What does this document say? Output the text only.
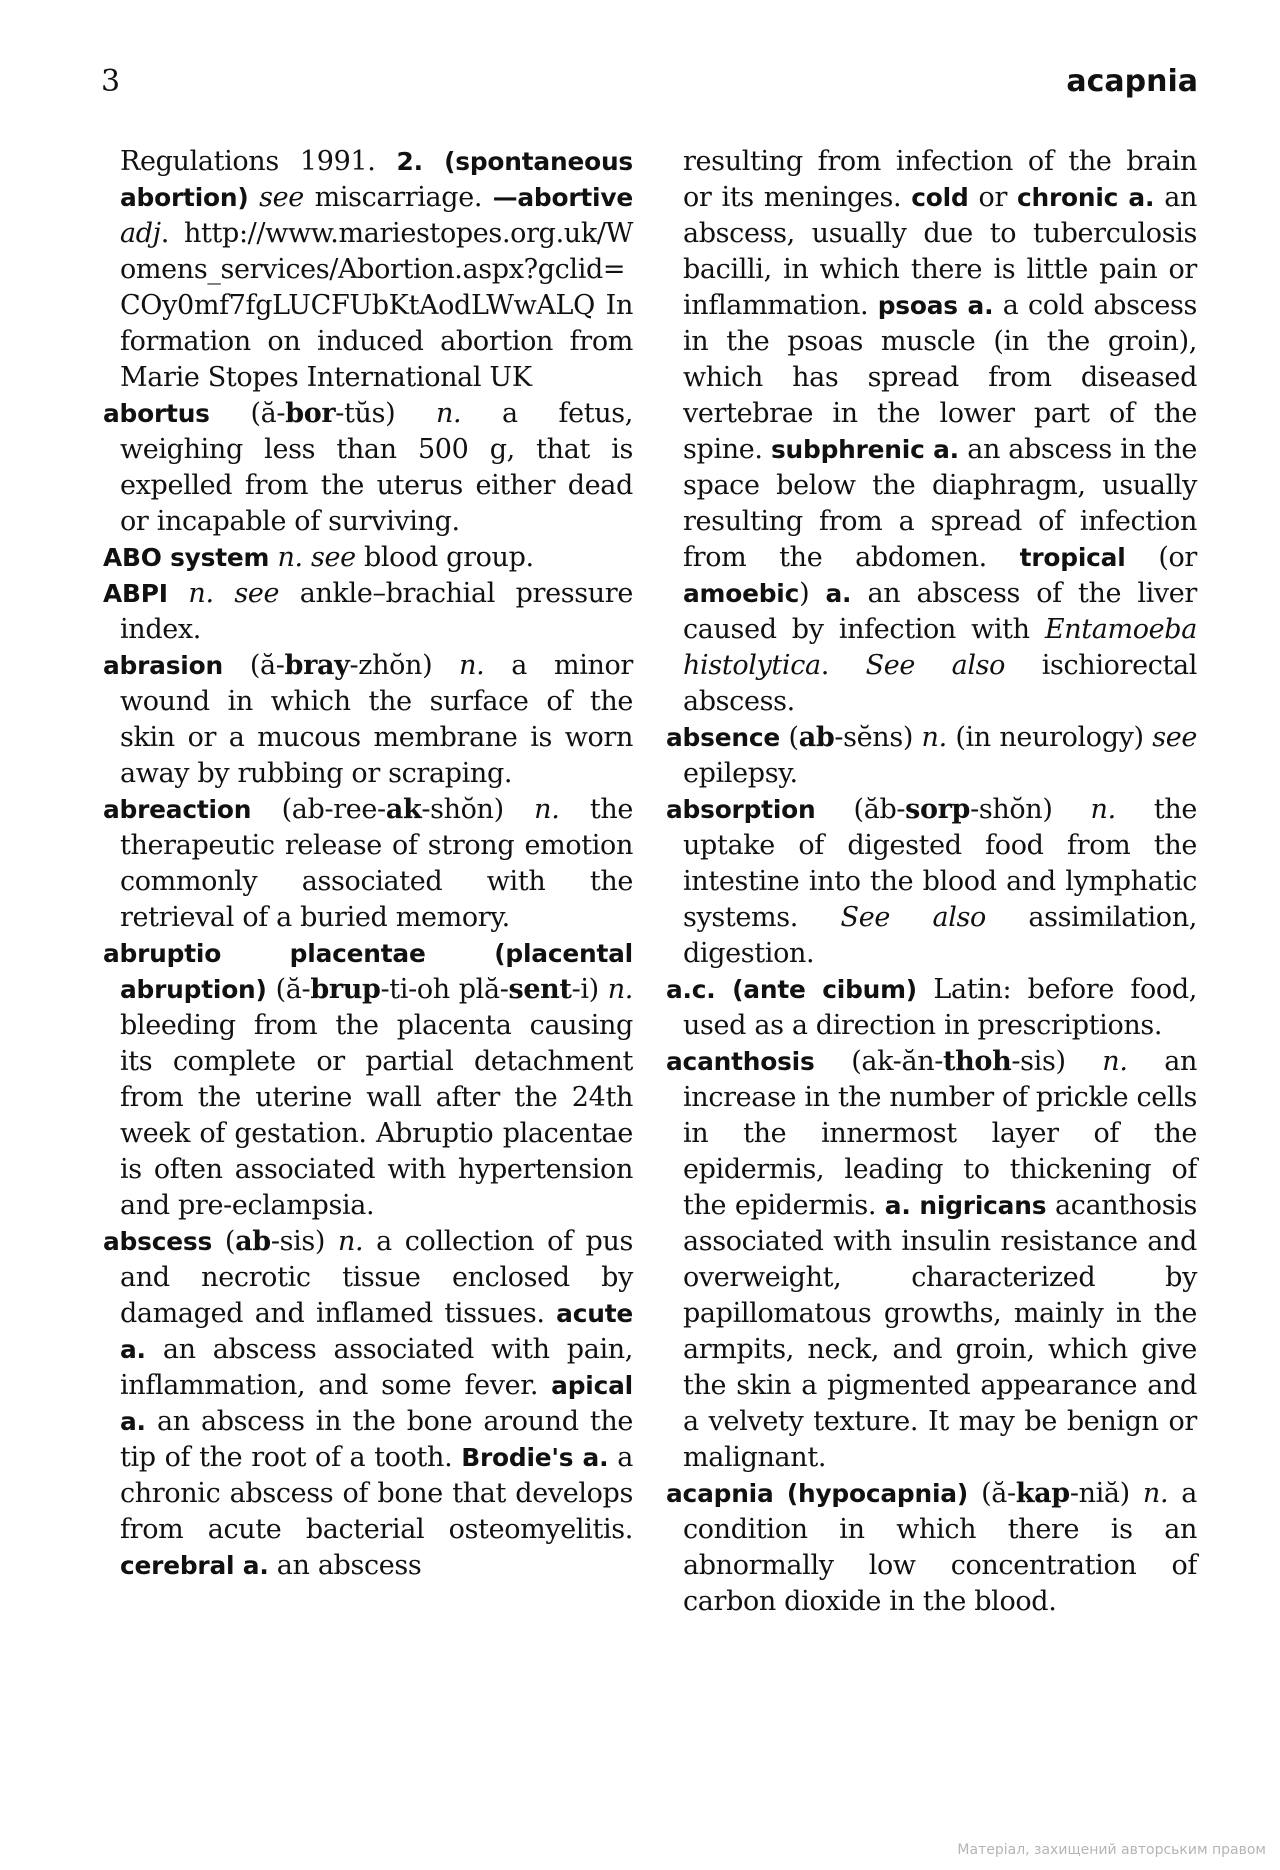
3	acapnia
Regulations 1991. 2. (spontaneous abortion) see miscarriage. —abortive adj. http://www.mariestopes.org.uk/Womens_services/Abortion.aspx?gclid=COy0mf7fgLUCFUbKtAodLWwALQ Information on induced abortion from Marie Stopes International UK
abortus (ă-bor-tŭs) n. a fetus, weighing less than 500 g, that is expelled from the uterus either dead or incapable of surviving.
ABO system n. see blood group.
ABPI n. see ankle–brachial pressure index.
abrasion (ă-bray-zhŏn) n. a minor wound in which the surface of the skin or a mucous membrane is worn away by rubbing or scraping.
abreaction (ab-ree-ak-shŏn) n. the therapeutic release of strong emotion commonly associated with the retrieval of a buried memory.
abruptio placentae (placental abruption) (ă-brup-ti-oh plă-sent-i) n. bleeding from the placenta causing its complete or partial detachment from the uterine wall after the 24th week of gestation. Abruptio placentae is often associated with hypertension and pre-eclampsia.
abscess (ab-sis) n. a collection of pus and necrotic tissue enclosed by damaged and inflamed tissues. acute a. an abscess associated with pain, inflammation, and some fever. apical a. an abscess in the bone around the tip of the root of a tooth. Brodie's a. a chronic abscess of bone that develops from acute bacterial osteomyelitis. cerebral a. an abscess
resulting from infection of the brain or its meninges. cold or chronic a. an abscess, usually due to tuberculosis bacilli, in which there is little pain or inflammation. psoas a. a cold abscess in the psoas muscle (in the groin), which has spread from diseased vertebrae in the lower part of the spine. subphrenic a. an abscess in the space below the diaphragm, usually resulting from a spread of infection from the abdomen. tropical (or amoebic) a. an abscess of the liver caused by infection with Entamoeba histolytica. See also ischiorectal abscess.
absence (ab-sĕns) n. (in neurology) see epilepsy.
absorption (ăb-sorp-shŏn) n. the uptake of digested food from the intestine into the blood and lymphatic systems. See also assimilation, digestion.
a.c. (ante cibum) Latin: before food, used as a direction in prescriptions.
acanthosis (ak-ăn-thoh-sis) n. an increase in the number of prickle cells in the innermost layer of the epidermis, leading to thickening of the epidermis. a. nigricans acanthosis associated with insulin resistance and overweight, characterized by papillomatous growths, mainly in the armpits, neck, and groin, which give the skin a pigmented appearance and a velvety texture. It may be benign or malignant.
acapnia (hypocapnia) (ă-kap-niă) n. a condition in which there is an abnormally low concentration of carbon dioxide in the blood.
Матеріал, захищений авторським правом
